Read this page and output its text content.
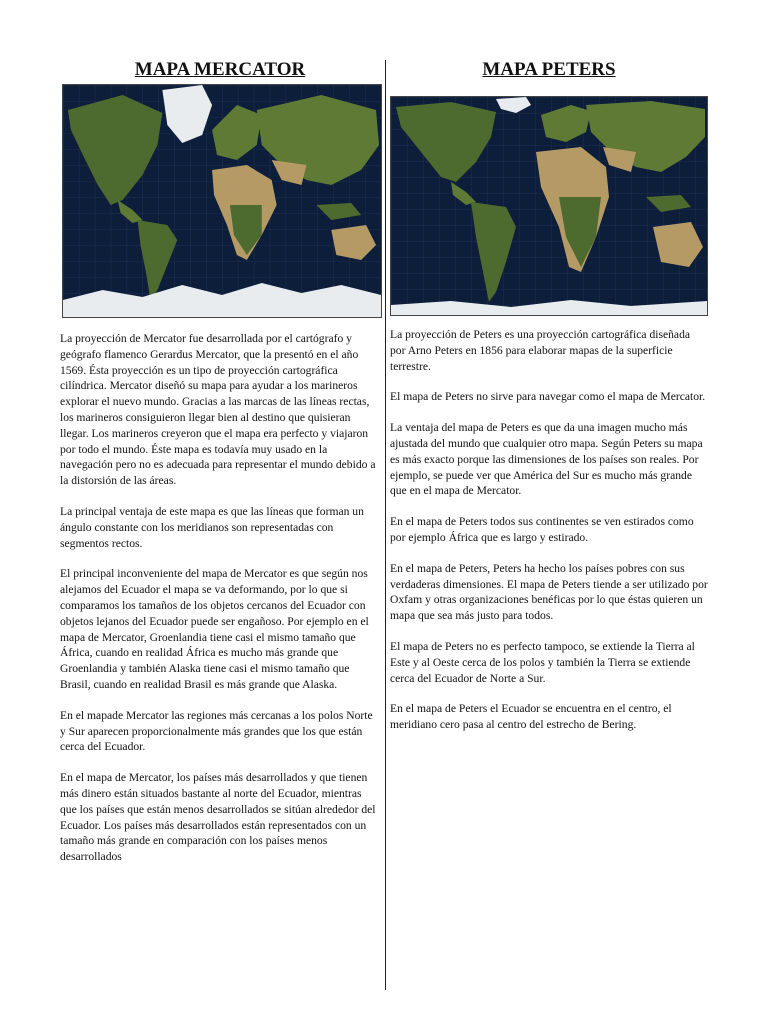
MAPA MERCATOR

La proyección de Mercator fue desarrollada por el cartógrafo y geógrafo flamenco Gerardus Mercator, que la presentó en el año 1569. Ésta proyección es un tipo de proyección cartográfica cilíndrica. Mercator diseñó su mapa para ayudar a los marineros explorar el nuevo mundo. Gracias a las marcas de las líneas rectas, los marineros consiguieron llegar bien al destino que quisieran llegar. Los marineros creyeron que el mapa era perfecto y viajaron por todo el mundo. Éste mapa es todavía muy usado en la navegación pero no es adecuada para representar el mundo debido a la distorsión de las áreas.

La principal ventaja de este mapa es que las líneas que forman un ángulo constante con los meridianos son representadas con segmentos rectos.

El principal inconveniente del mapa de Mercator es que según nos alejamos del Ecuador el mapa se va deformando, por lo que si comparamos los tamaños de los objetos cercanos del Ecuador con objetos lejanos del Ecuador puede ser engañoso. Por ejemplo en el mapa de Mercator, Groenlandia tiene casi el mismo tamaño que África, cuando en realidad África es mucho más grande que Groenlandia y también Alaska tiene casi el mismo tamaño que Brasil, cuando en realidad Brasil es más grande que Alaska.

En el mapade Mercator las regiones más cercanas a los polos Norte y Sur aparecen proporcionalmente más grandes que los que están cerca del Ecuador.

En el mapa de Mercator, los países más desarrollados y que tienen más dinero están situados bastante al norte del Ecuador, mientras que los países que están menos desarrollados se sitúan alrededor del Ecuador. Los países más desarrollados están representados con un tamaño más grande en comparación con los países menos desarrollados

MAPA PETERS

La proyección de Peters es una proyección cartográfica diseñada por Arno Peters en 1856 para elaborar mapas de la superficie terrestre.

El mapa de Peters no sirve para navegar como el mapa de Mercator.

La ventaja del mapa de Peters es que da una imagen mucho más ajustada del mundo que cualquier otro mapa. Según Peters su mapa es más exacto porque las dimensiones de los países son reales. Por ejemplo, se puede ver que América del Sur es mucho más grande que en el mapa de Mercator.

En el mapa de Peters todos sus continentes se ven estirados como por ejemplo África que es largo y estirado.

En el mapa de Peters, Peters ha hecho los países pobres con sus verdaderas dimensiones. El mapa de Peters tiende a ser utilizado por Oxfam y otras organizaciones benéficas por lo que éstas quieren un mapa que sea más justo para todos.

El mapa de Peters no es perfecto tampoco, se extiende la Tierra al Este y al Oeste cerca de los polos y también la Tierra se extiende cerca del Ecuador de Norte a Sur.

En el mapa de Peters el Ecuador se encuentra en el centro, el meridiano cero pasa al centro del estrecho de Bering.
